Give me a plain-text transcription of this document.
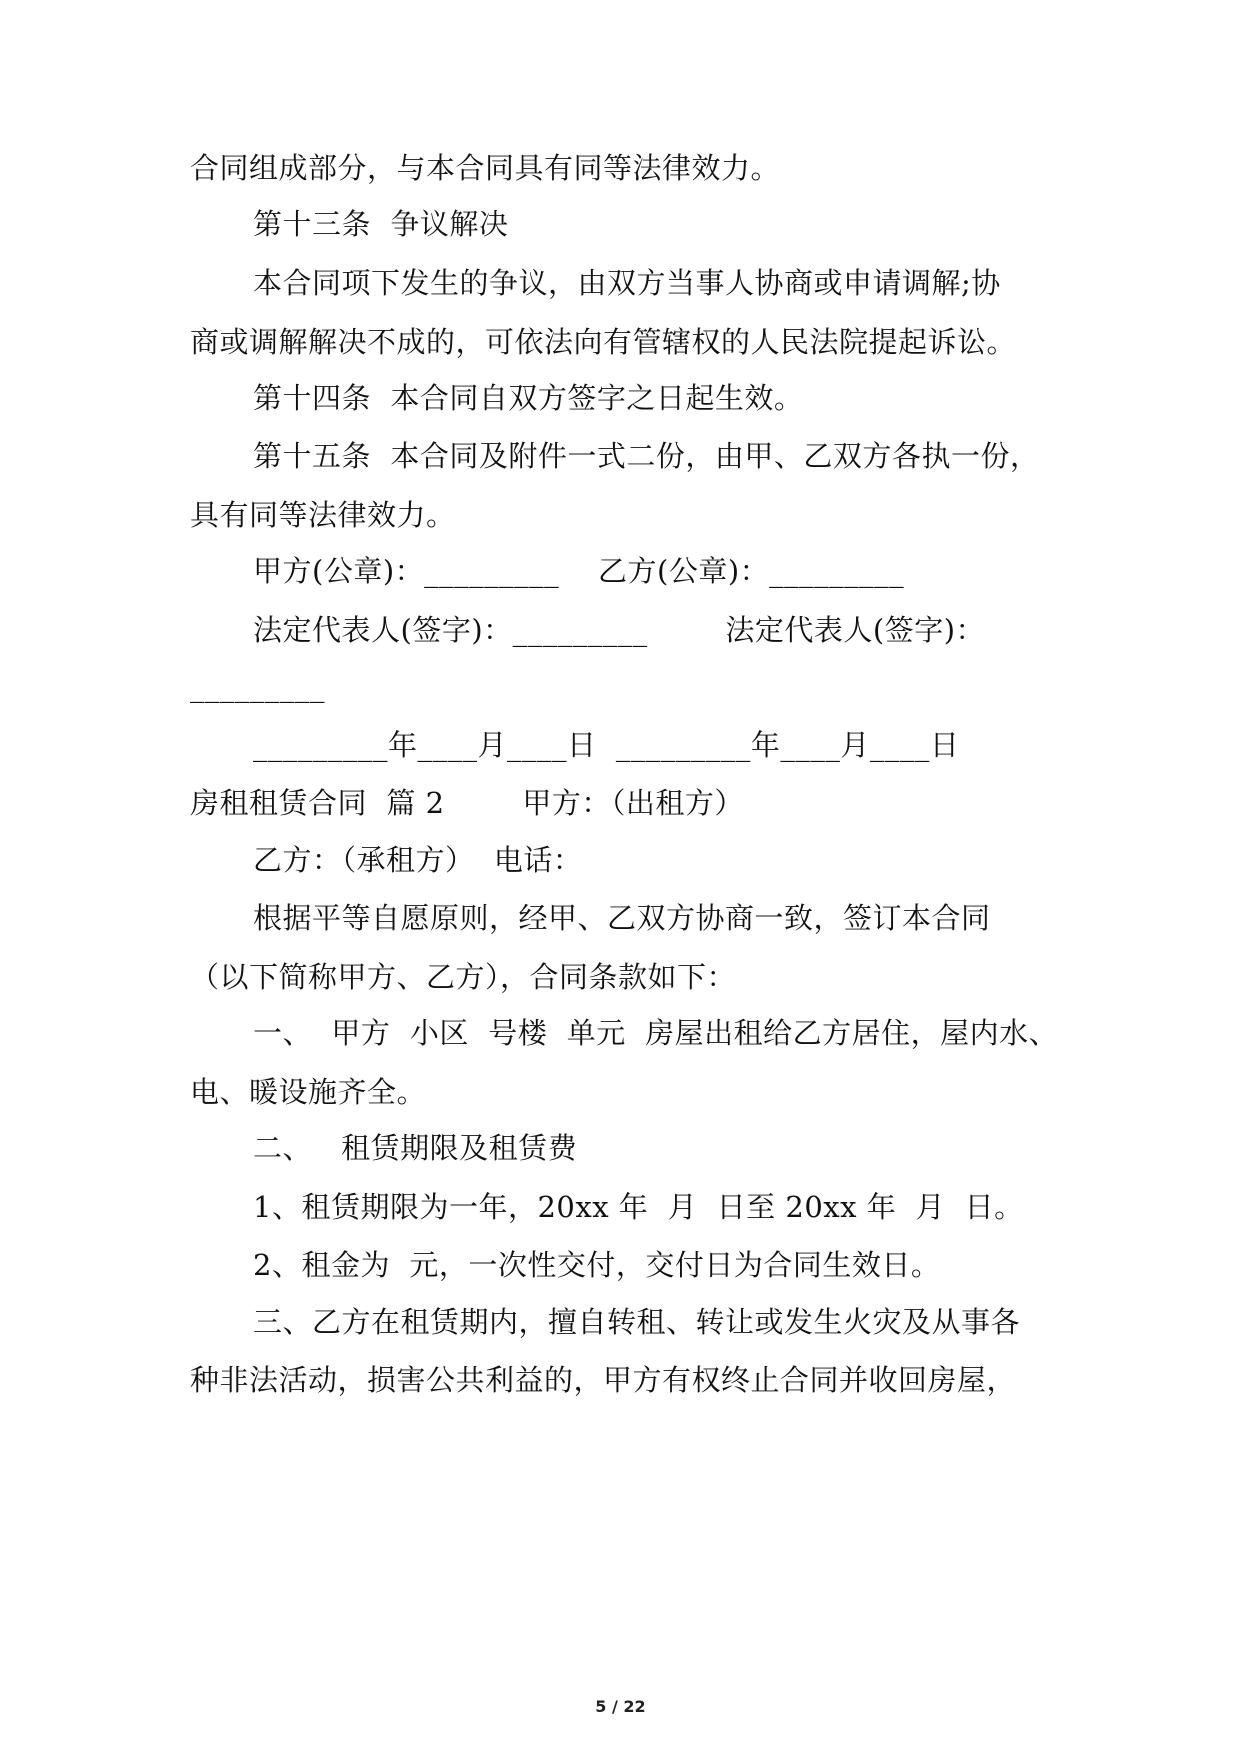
合同组成部分，与本合同具有同等法律效力。
第十三条  争议解决
本合同项下发生的争议，由双方当事人协商或申请调解;协
商或调解解决不成的，可依法向有管辖权的人民法院提起诉讼。
第十四条  本合同自双方签字之日起生效。
第十五条  本合同及附件一式二份，由甲、乙双方各执一份，
具有同等法律效力。
甲方(公章)：_________    乙方(公章)：_________
法定代表人(签字)：_________        法定代表人(签字)：
_________
_________年____月____日  _________年____月____日
房租租赁合同  篇 2        甲方：（出租方）
乙方：（承租方）  电话：
根据平等自愿原则，经甲、乙双方协商一致，签订本合同
（以下简称甲方、乙方），合同条款如下：
一、  甲方  小区  号楼  单元  房屋出租给乙方居住，屋内水、
电、暖设施齐全。
二、   租赁期限及租赁费
1、租赁期限为一年，20xx 年  月  日至 20xx 年  月  日。
2、租金为  元，一次性交付，交付日为合同生效日。
三、乙方在租赁期内，擅自转租、转让或发生火灾及从事各
种非法活动，损害公共利益的，甲方有权终止合同并收回房屋，
5 / 22
